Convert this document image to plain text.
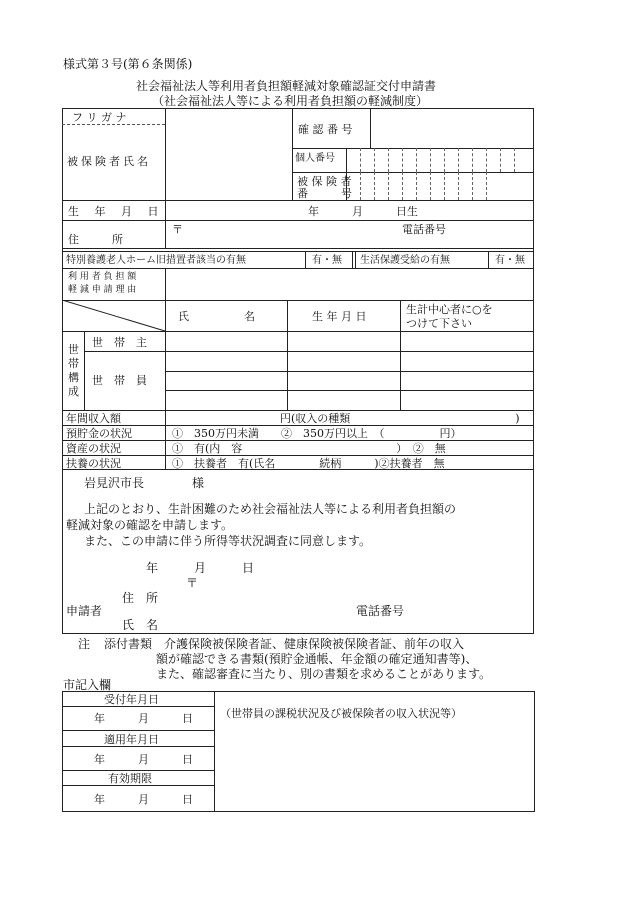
様式第３号(第６条関係)
社会福祉法人等利用者負担額軽減対象確認証交付申請書
（社会福祉法人等による利用者負担額の軽減制度）
フ リ ガ ナ
被保険者氏名
確 認 番 号
個人番号
被 保 険 者
番　　　号
生 年 月 日	年　　　月　　　日生
住　　　所
〒	電話番号
特別養護老人ホーム旧措置者該当の有無	有・無 生活保護受給の有無	有・無
利 用 者 負 担 額
軽 減 申 請 理 由
氏　　　　　名	生 年 月 日
生計中心者に○を
つけて下さい
世
帯
構
成
世　帯　主
世　帯　員
年間収入額	円(収入の種類　　　　　　　　　　　　　　　)
預貯金の状況	①　350万円未満　　②　350万円以上　（　　　　　円）
資産の状況	①　有(内　容　　　　　　　　　　　　　　）　②　無
扶養の状況	①　扶養者　有(氏名　　　　続柄　　　)②扶養者　無
岩見沢市長　　　　様
上記のとおり、生計困難のため社会福祉法人等による利用者負担額の
軽減対象の確認を申請します。
また、この申請に伴う所得等状況調査に同意します。
年　　　月　　　日
〒
住　所
申請者	電話番号
氏　名
注 添付書類　介護保険被保険者証、健康保険被保険者証、前年の収入
額が確認できる書類(預貯金通帳、年金額の確定通知書等)、
また、確認審査に当たり、別の書類を求めることがあります。
市記入欄
受付年月日
年　　　月　　　日
適用年月日
年　　　月　　　日
有効期限
年　　　月　　　日
（世帯員の課税状況及び被保険者の収入状況等）
